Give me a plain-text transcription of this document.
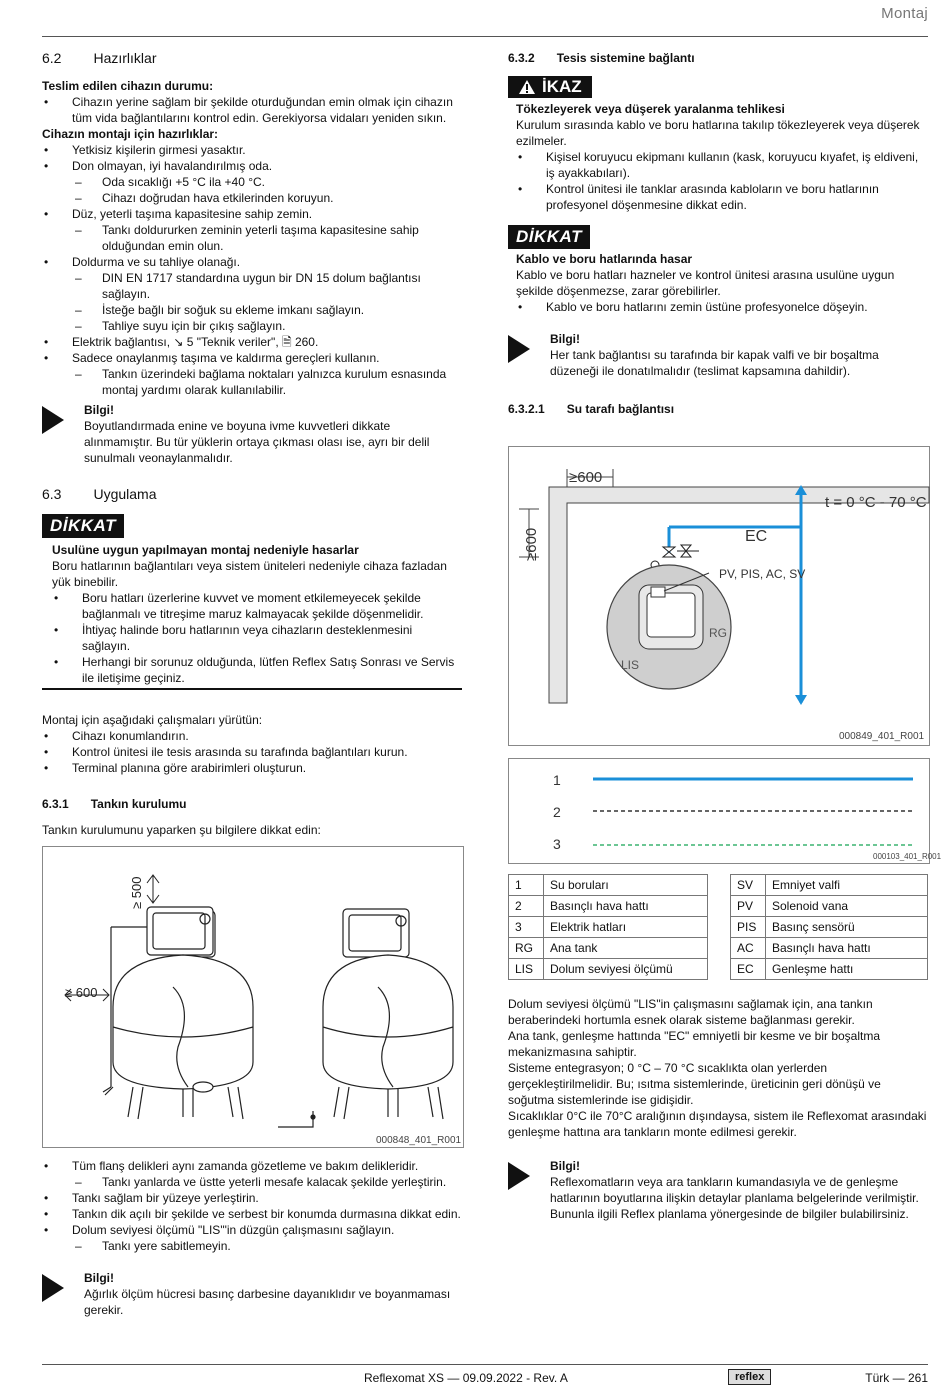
Montaj
6.2 Hazırlıklar
Teslim edilen cihazın durumu:
• Cihazın yerine sağlam bir şekilde oturduğundan emin olmak için cihazın tüm vida bağlantılarını kontrol edin. Gerekiyorsa vidaları yeniden sıkın.
Cihazın montajı için hazırlıklar:
• Yetkisiz kişilerin girmesi yasaktır.
• Don olmayan, iyi havalandırılmış oda.
– Oda sıcaklığı +5 °C ila +40 °C.
– Cihazı doğrudan hava etkilerinden koruyun.
• Düz, yeterli taşıma kapasitesine sahip zemin.
– Tankı doldururken zeminin yeterli taşıma kapasitesine sahip olduğundan emin olun.
• Doldurma ve su tahliye olanağı.
– DIN EN 1717 standardına uygun bir DN 15 dolum bağlantısı sağlayın.
– İsteğe bağlı bir soğuk su ekleme imkanı sağlayın.
– Tahliye suyu için bir çıkış sağlayın.
• Elektrik bağlantısı, ↘ 5 "Teknik veriler", 🗎 260.
• Sadece onaylanmış taşıma ve kaldırma gereçleri kullanın.
– Tankın üzerindeki bağlama noktaları yalnızca kurulum esnasında montaj yardımı olarak kullanılabilir.
Bilgi!
Boyutlandırmada enine ve boyuna ivme kuvvetleri dikkate alınmamıştır. Bu tür yüklerin ortaya çıkması olası ise, ayrı bir delil sunulmalı veonaylanmalıdır.
6.3 Uygulama
DİKKAT
Usulüne uygun yapılmayan montaj nedeniyle hasarlar
Boru hatlarının bağlantıları veya sistem üniteleri nedeniyle cihaza fazladan yük binebilir.
• Boru hatları üzerlerine kuvvet ve moment etkilemeyecek şekilde bağlanmalı ve titreşime maruz kalmayacak şekilde döşenmelidir.
• İhtiyaç halinde boru hatlarının veya cihazların desteklenmesini sağlayın.
• Herhangi bir sorunuz olduğunda, lütfen Reflex Satış Sonrası ve Servis ile iletişime geçiniz.
Montaj için aşağıdaki çalışmaları yürütün:
• Cihazı konumlandırın.
• Kontrol ünitesi ile tesis arasında su tarafında bağlantıları kurun.
• Terminal planına göre arabirimleri oluşturun.
6.3.1 Tankın kurulumu
Tankın kurulumunu yaparken şu bilgilere dikkat edin:
≥ 500
≥ 600
000848_401_R001
• Tüm flanş delikleri aynı zamanda gözetleme ve bakım delikleridir.
– Tankı yanlarda ve üstte yeterli mesafe kalacak şekilde yerleştirin.
• Tankı sağlam bir yüzeye yerleştirin.
• Tankın dik açılı bir şekilde ve serbest bir konumda durmasına dikkat edin.
• Dolum seviyesi ölçümü "LIS"'in düzgün çalışmasını sağlayın.
– Tankı yere sabitlemeyin.
Bilgi!
Ağırlık ölçüm hücresi basınç darbesine dayanıklıdır ve boyanmaması gerekir.
6.3.2 Tesis sistemine bağlantı
İKAZ
Tökezleyerek veya düşerek yaralanma tehlikesi
Kurulum sırasında kablo ve boru hatlarına takılıp tökezleyerek veya düşerek ezilmeler.
• Kişisel koruyucu ekipmanı kullanın (kask, koruyucu kıyafet, iş eldiveni, iş ayakkabıları).
• Kontrol ünitesi ile tanklar arasında kabloların ve boru hatlarının profesyonel döşenmesine dikkat edin.
DİKKAT
Kablo ve boru hatlarında hasar
Kablo ve boru hatları hazneler ve kontrol ünitesi arasına usulüne uygun şekilde döşenmezse, zarar görebilirler.
• Kablo ve boru hatlarını zemin üstüne profesyonelce döşeyin.
Bilgi!
Her tank bağlantısı su tarafında bir kapak valfi ve bir boşaltma düzeneği ile donatılmalıdır (teslimat kapsamına dahildir).
6.3.2.1 Su tarafı bağlantısı
≥600
≥600
t = 0 °C - 70 °C
EC
PV, PIS, AC, SV
RG
LIS
000849_401_R001
1
2
3
000103_401_R001
1	Su boruları
2	Basınçlı hava hattı
3	Elektrik hatları
RG	Ana tank
LIS	Dolum seviyesi ölçümü
SV	Emniyet valfi
PV	Solenoid vana
PIS	Basınç sensörü
AC	Basınçlı hava hattı
EC	Genleşme hattı
Dolum seviyesi ölçümü "LIS"in çalışmasını sağlamak için, ana tankın beraberindeki hortumla esnek olarak sisteme bağlanması gerekir.
Ana tank, genleşme hattında "EC" emniyetli bir kesme ve bir boşaltma mekanizmasına sahiptir.
Sisteme entegrasyon; 0 °C – 70 °C sıcaklıkta olan yerlerden gerçekleştirilmelidir. Bu; ısıtma sistemlerinde, üreticinin geri dönüşü ve soğutma sistemlerinde ise gidişidir.
Sıcaklıklar 0°C ile 70°C aralığının dışındaysa, sistem ile Reflexomat arasındaki genleşme hattına ara tankların monte edilmesi gerekir.
Bilgi!
Reflexomatların veya ara tankların kumandasıyla ve de genleşme hatlarının boyutlarına ilişkin detaylar planlama belgelerinde verilmiştir. Bununla ilgili Reflex planlama yönergesinde de bilgiler bulabilirsiniz.
Reflexomat XS — 09.09.2022 - Rev. A	reflex	Türk — 261
